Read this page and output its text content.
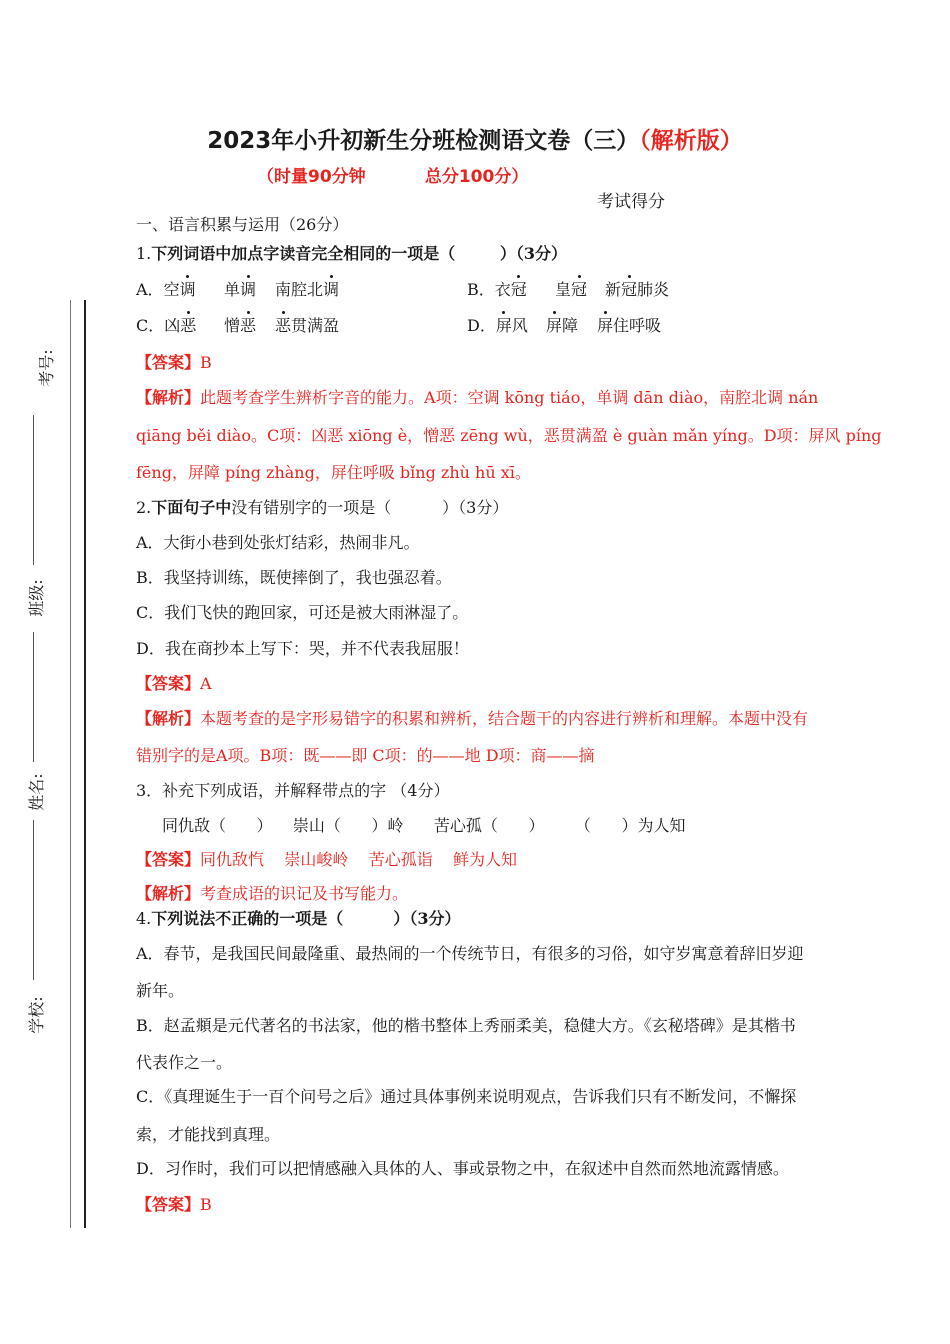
考号:
班级:
姓名:
学校:
2023年小升初新生分班检测语文卷（三）（解析版）
（时量90分钟          总分100分）
考试得分
一、语言积累与运用（26分）
1.下列词语中加点字读音完全相同的一项是（        ）（3分）
A．空调 单调 南腔北调	B．衣冠 皇冠 新冠肺炎
C．凶恶 憎恶 恶贯满盈	D．屏风 屏障 屏住呼吸
【答案】B
【解析】此题考查学生辨析字音的能力。A项：空调 kōng tiáo，单调 dān diào，南腔北调 nán
qiāng běi diào。C项：凶恶 xiōng è，憎恶 zēng wù，恶贯满盈 è guàn mǎn yíng。D项：屏风 píng
fēng，屏障 píng zhàng，屏住呼吸 bǐng zhù hū xī。
2.下面句子中没有错别字的一项是（          ）（3分）
A．大街小巷到处张灯结彩，热闹非凡。
B．我坚持训练，既使摔倒了，我也强忍着。
C．我们飞快的跑回家，可还是被大雨淋湿了。
D．我在商抄本上写下：哭，并不代表我屈服！
【答案】A
【解析】本题考查的是字形易错字的积累和辨析，结合题干的内容进行辨析和理解。本题中没有
错别字的是A项。B项：既——即 C项：的——地 D项：商——摘
3．补充下列成语，并解释带点的字 （4分）
同仇敌（      ）    崇山（      ）岭      苦心孤（      ）      （      ）为人知
【答案】同仇敌忾    崇山峻岭    苦心孤诣    鲜为人知
【解析】考查成语的识记及书写能力。
4.下列说法不正确的一项是（         ）（3分）
A．春节，是我国民间最隆重、最热闹的一个传统节日，有很多的习俗，如守岁寓意着辞旧岁迎
新年。
B．赵孟頫是元代著名的书法家，他的楷书整体上秀丽柔美，稳健大方。《玄秘塔碑》是其楷书
代表作之一。
C．《真理诞生于一百个问号之后》通过具体事例来说明观点，告诉我们只有不断发问，不懈探
索，才能找到真理。
D．习作时，我们可以把情感融入具体的人、事或景物之中，在叙述中自然而然地流露情感。
【答案】B
